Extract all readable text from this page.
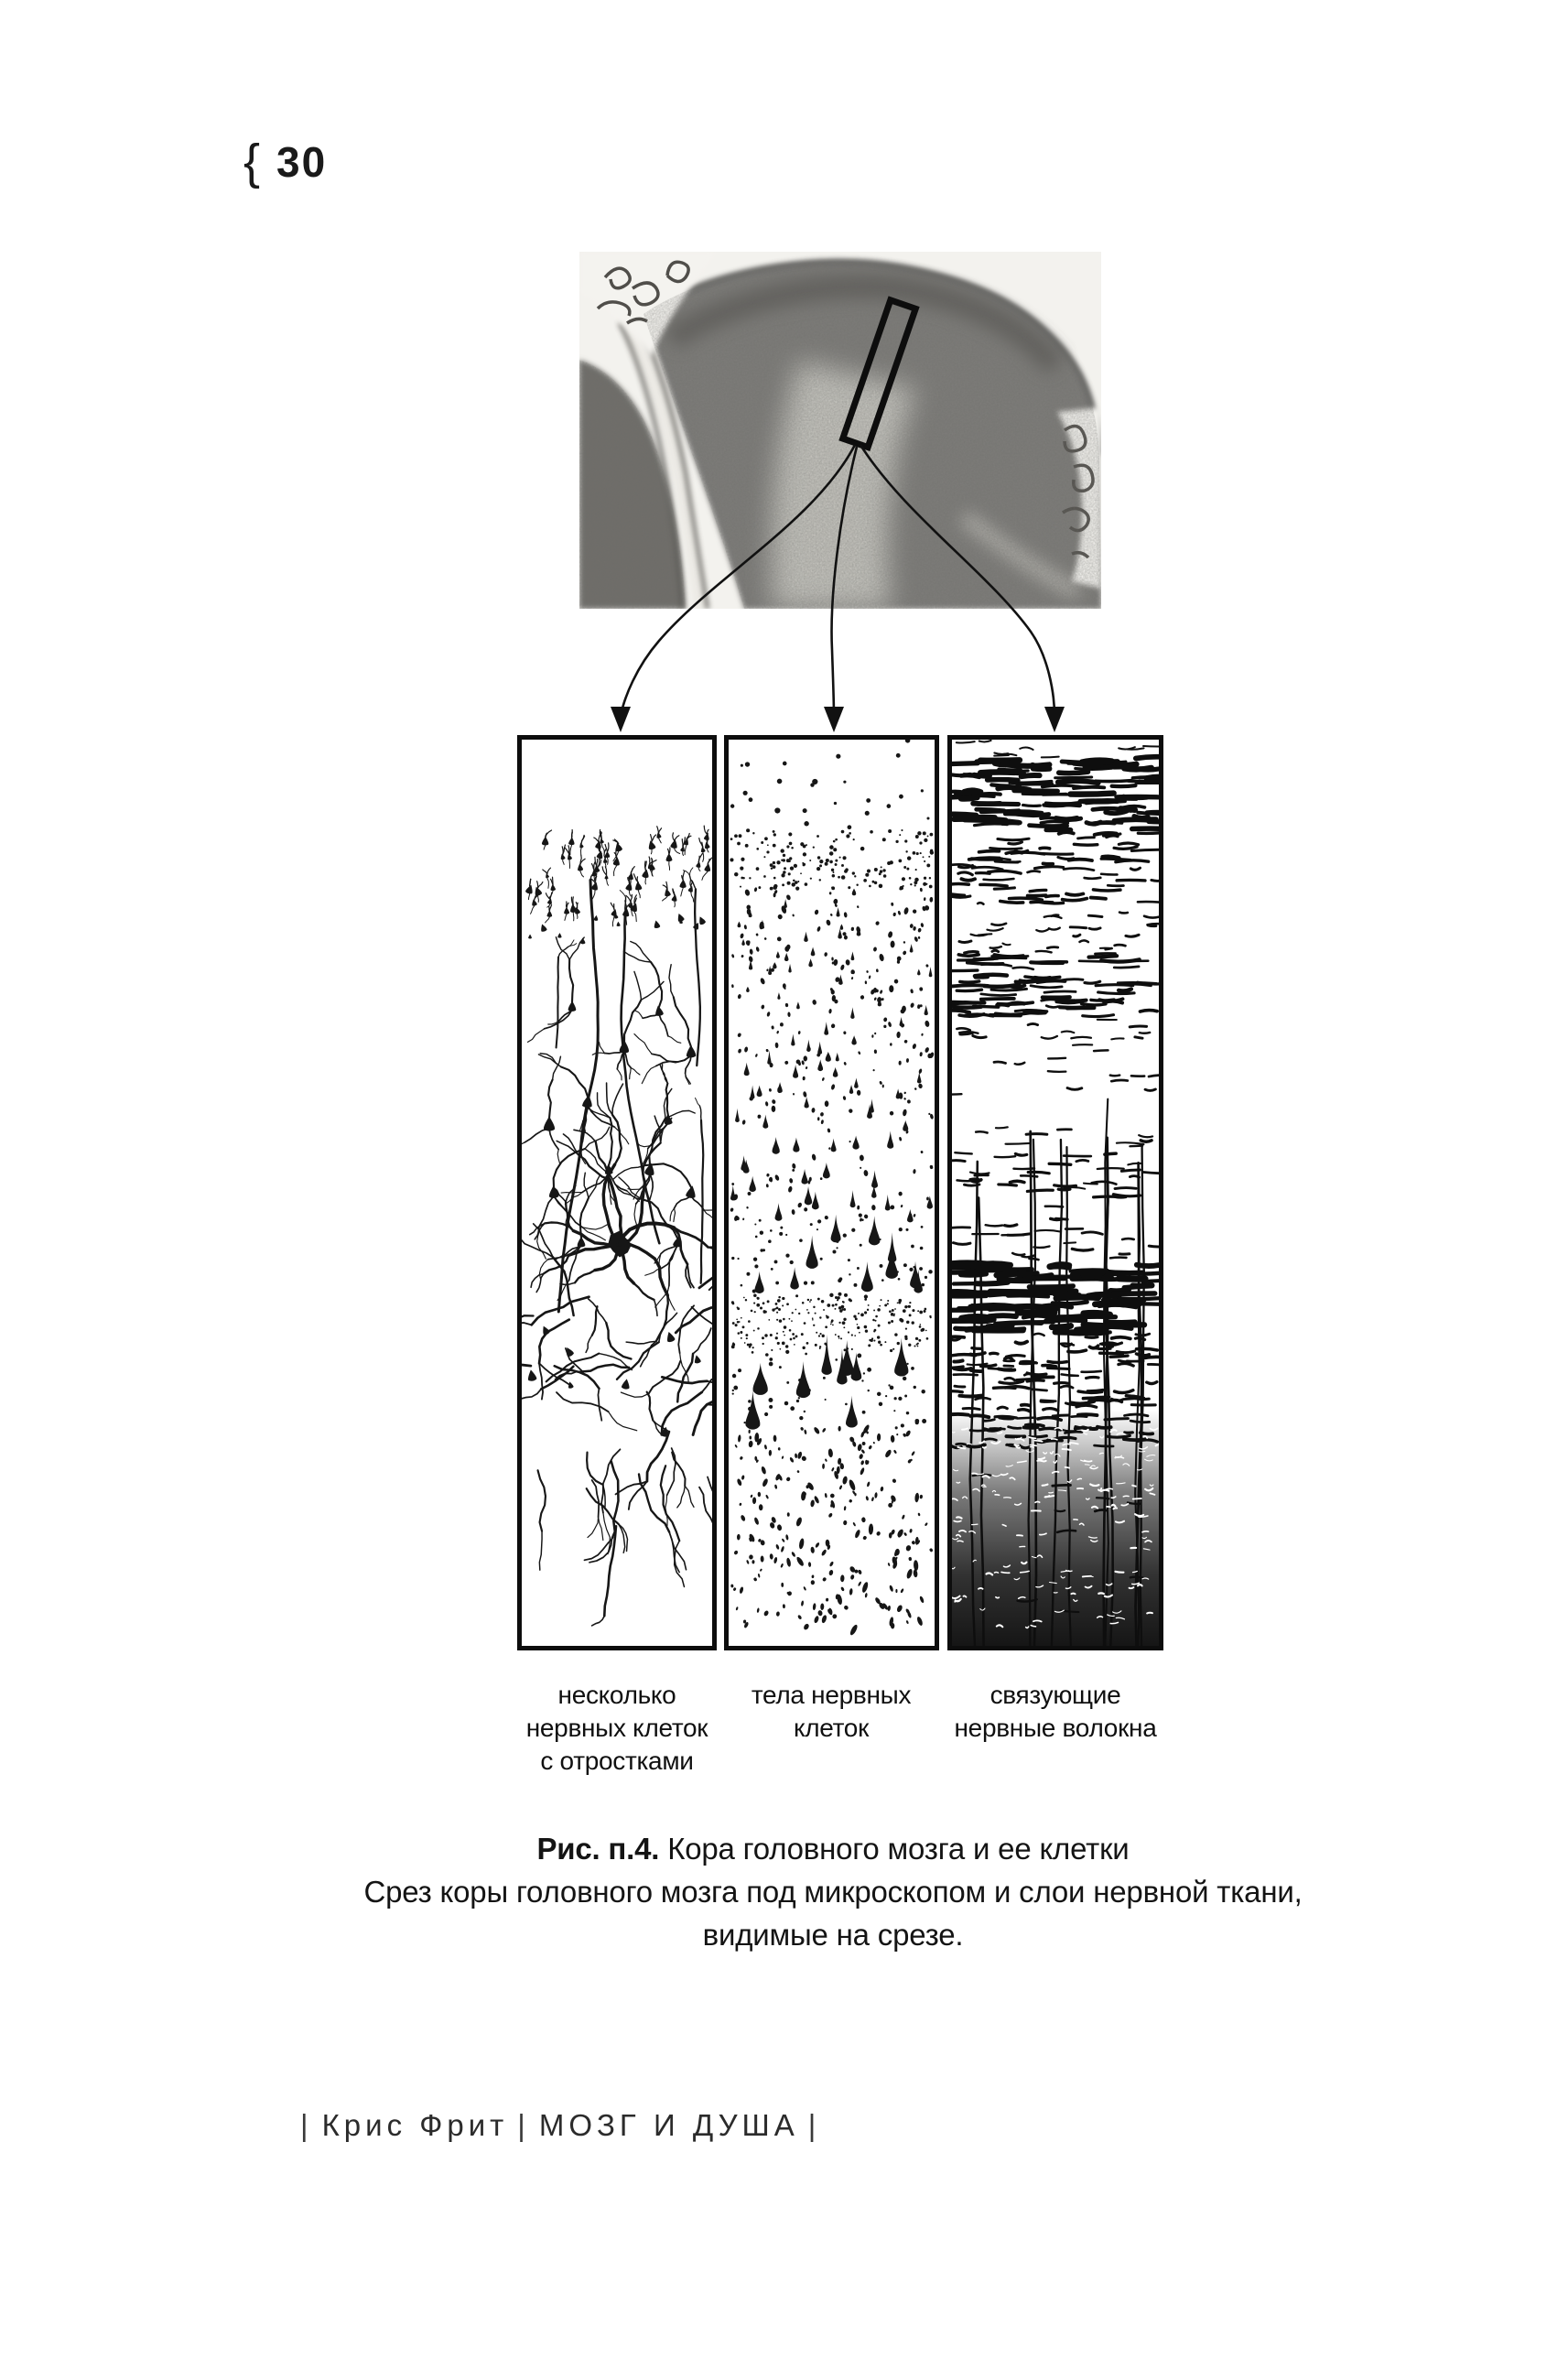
{ 30
несколько
нервных клеток
с отростками
тела нервных
клеток
связующие
нервные волокна
Рис. п.4. Кора головного мозга и ее клетки
Срез коры головного мозга под микроскопом и слои нервной ткани,
видимые на срезе.
| Крис Фрит | МОЗГ И ДУША |
